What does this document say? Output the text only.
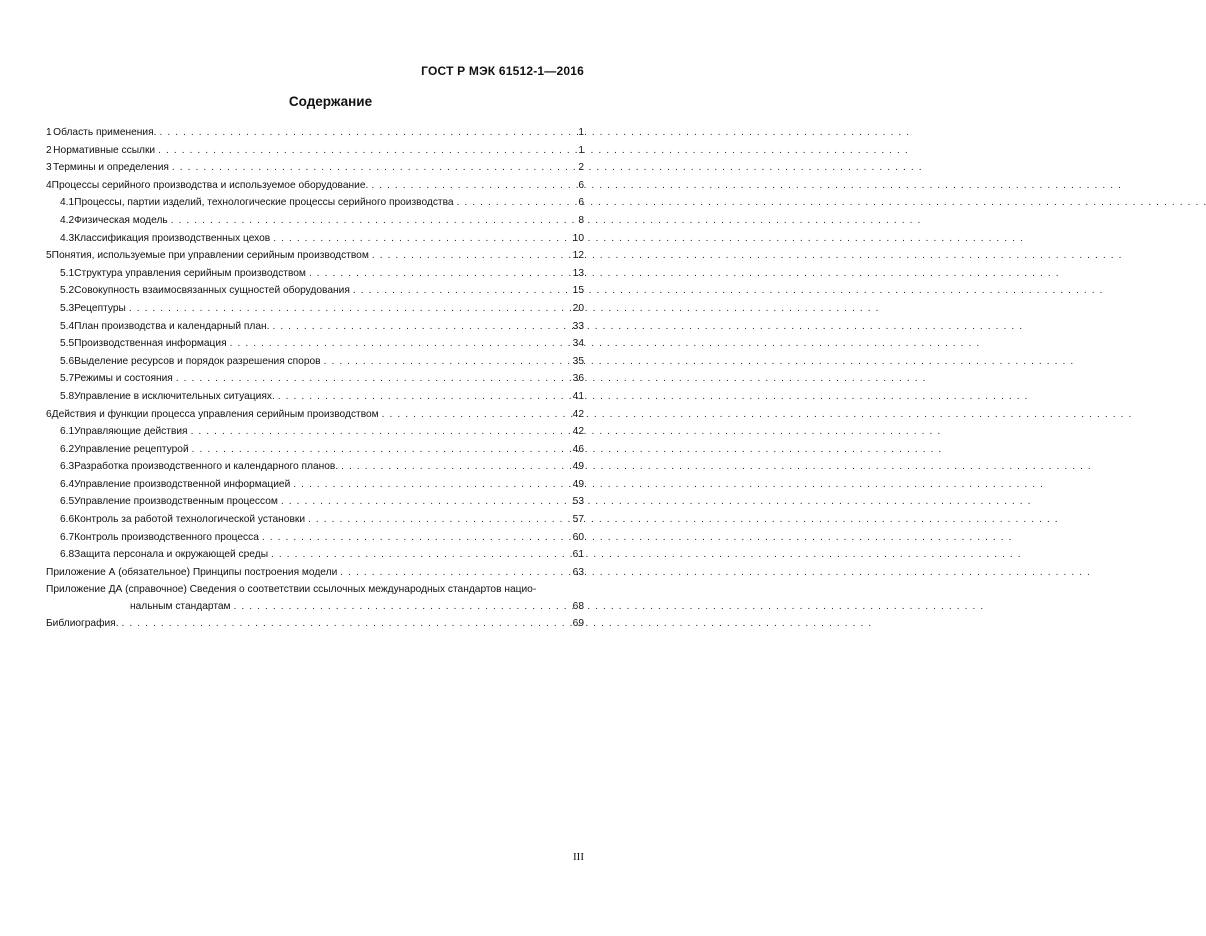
ГОСТ Р МЭК 61512-1—2016
Содержание
1 Область применения. . . .	1
2 Нормативные ссылки . . .	1
3 Термины и определения . . .	2
4 Процессы серийного производства и используемое оборудование. . . .	6
4.1 Процессы, партии изделий, технологические процессы серийного производства . . .	6
4.2 Физическая модель . . .	8
4.3 Классификация производственных цехов . . .	10
5 Понятия, используемые при управлении серийным производством . . .	12
5.1 Структура управления серийным производством . . .	13
5.2 Совокупность взаимосвязанных сущностей оборудования . . .	15
5.3 Рецептуры . . .	20
5.4 План производства и календарный план. . . .	33
5.5 Производственная информация . . .	34
5.6 Выделение ресурсов и порядок разрешения споров . . .	35
5.7 Режимы и состояния . . .	36
5.8 Управление в исключительных ситуациях. . . .	41
6 Действия и функции процесса управления серийным производством . . .	42
6.1 Управляющие действия . . .	42
6.2 Управление рецептурой . . .	46
6.3 Разработка производственного и календарного планов. . . .	49
6.4 Управление производственной информацией . . .	49
6.5 Управление производственным процессом . . .	53
6.6 Контроль за работой технологической установки . . .	57
6.7 Контроль производственного процесса . . .	60
6.8 Защита персонала и окружающей среды . . .	61
Приложение А (обязательное) Принципы построения модели . . .	63
Приложение ДА (справочное) Сведения о соответствии ссылочных международных стандартов нацио-
нальным стандартам . . .	68
Библиография. . . .	69
III
